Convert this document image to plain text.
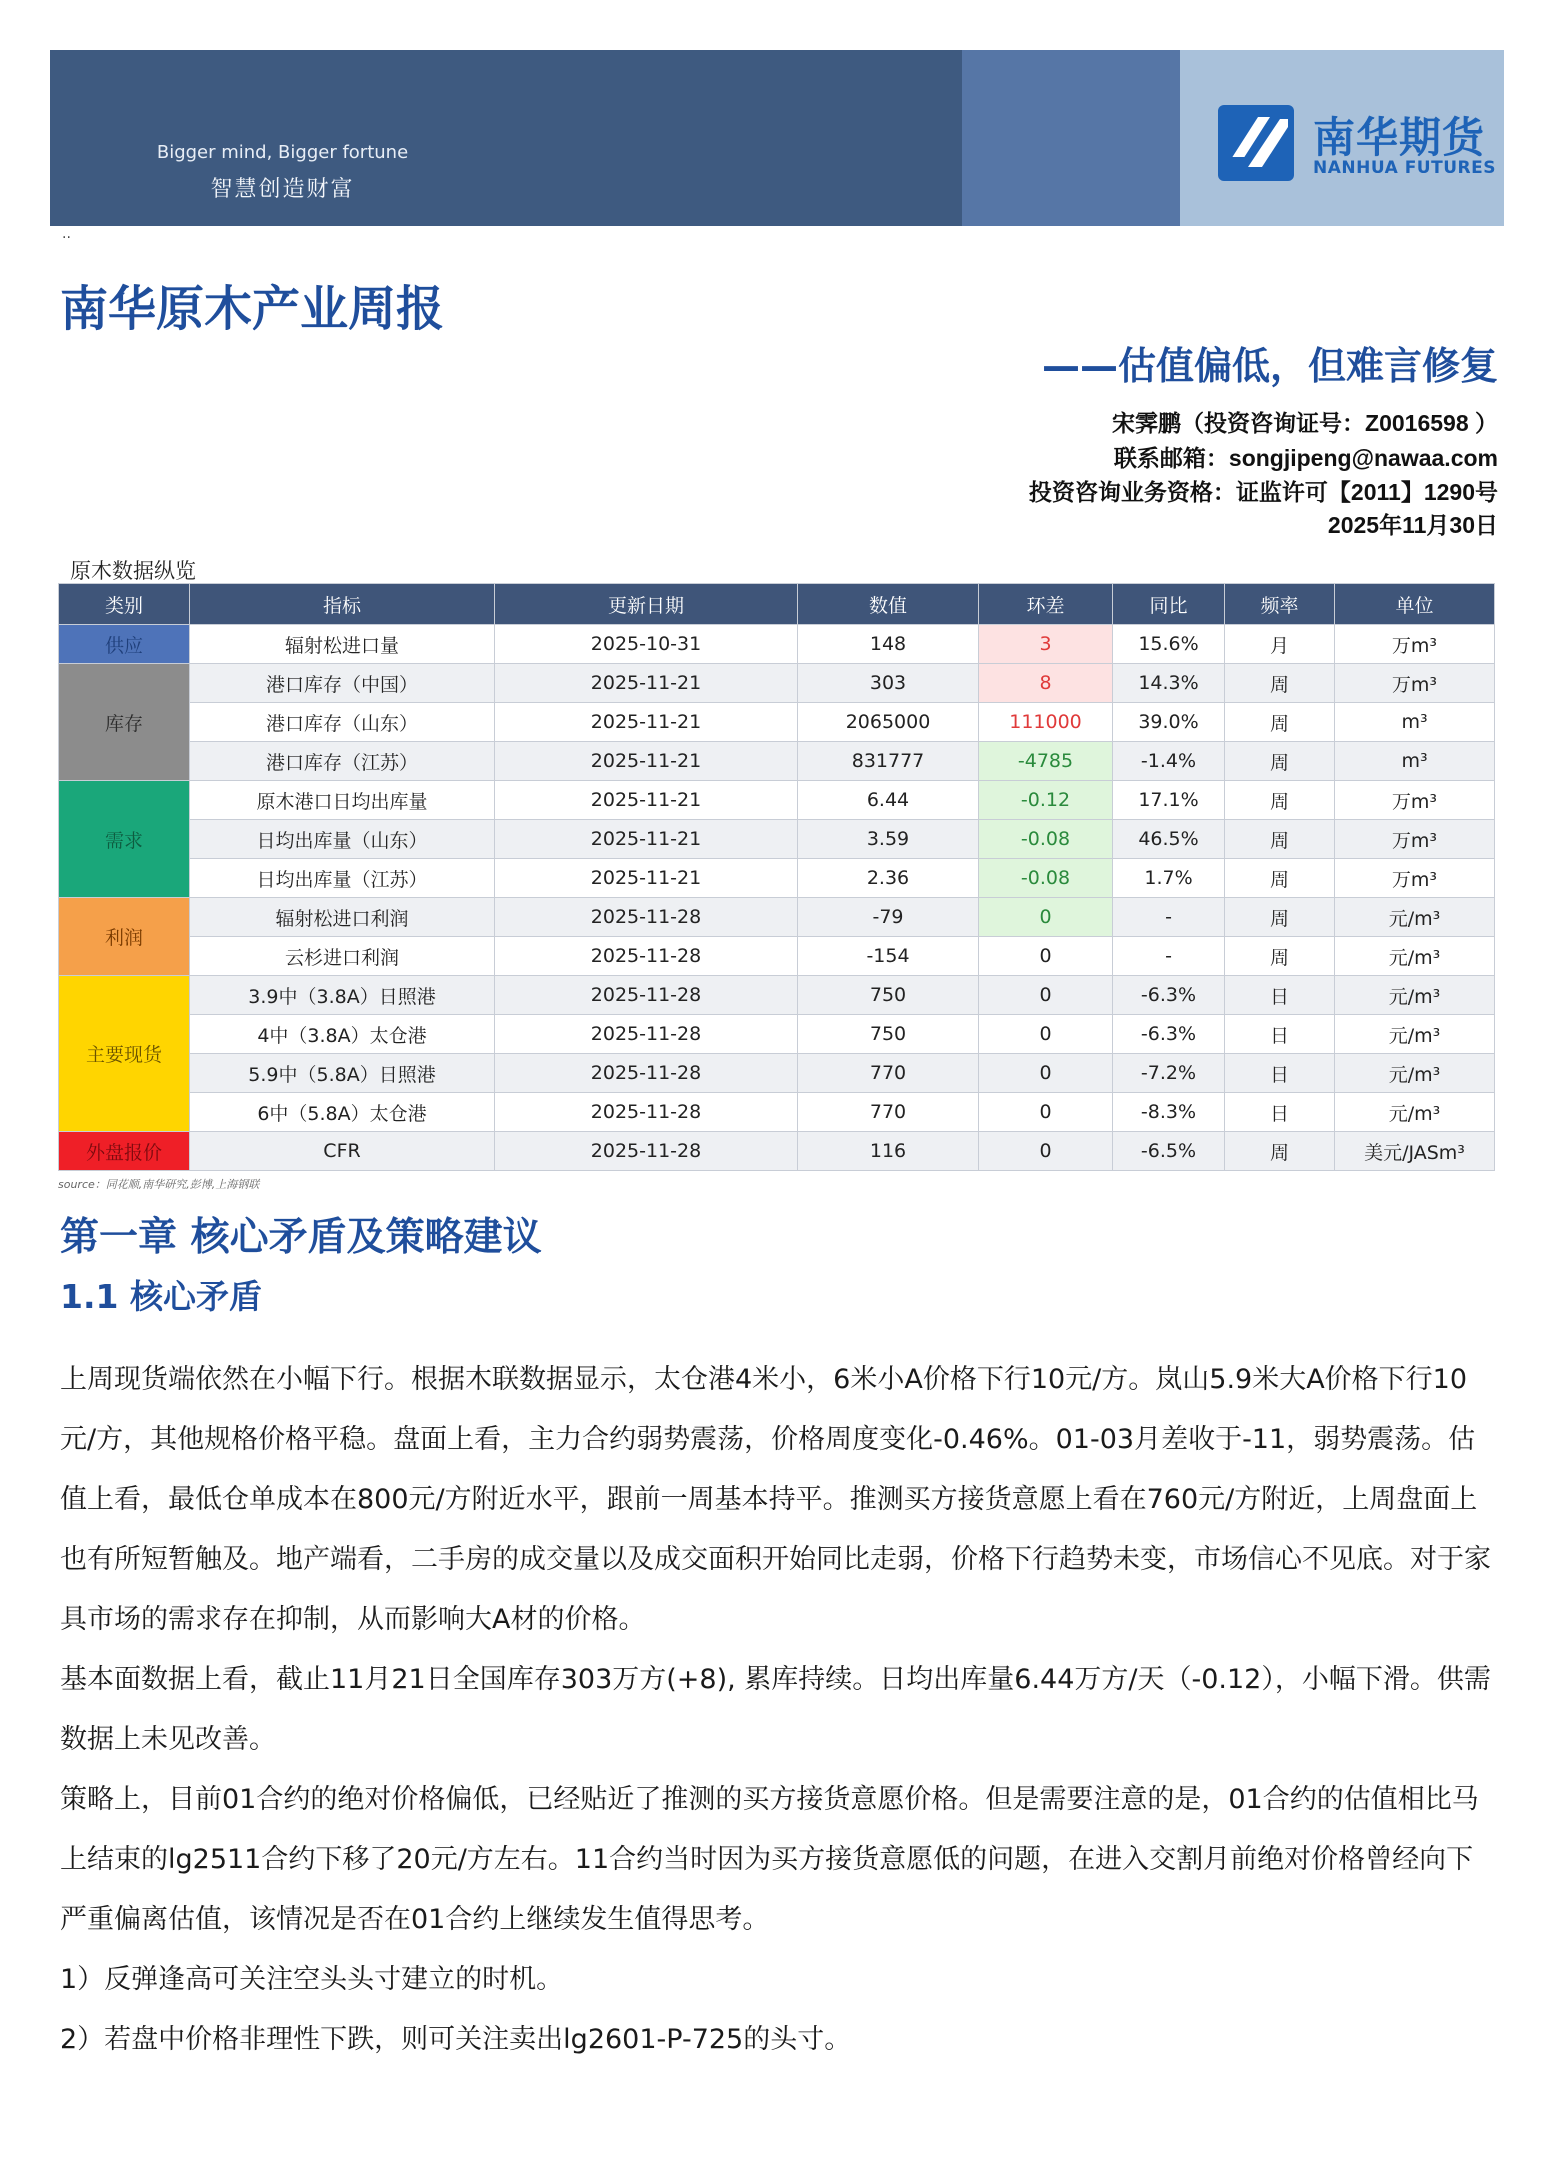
Bigger mind, Bigger fortune
智慧创造财富
南华期货
NANHUA FUTURES
..
南华原木产业周报
——估值偏低，但难言修复
宋霁鹏（投资咨询证号：Z0016598 ）
联系邮箱：songjipeng@nawaa.com
投资咨询业务资格：证监许可【2011】1290号
2025年11月30日
原木数据纵览
类别	指标	更新日期	数值	环差	同比	频率	单位
供应	辐射松进口量	2025-10-31	148	3	15.6%	月	万m³
库存	港口库存（中国）	2025-11-21	303	8	14.3%	周	万m³
	港口库存（山东）	2025-11-21	2065000	111000	39.0%	周	m³
	港口库存（江苏）	2025-11-21	831777	-4785	-1.4%	周	m³
需求	原木港口日均出库量	2025-11-21	6.44	-0.12	17.1%	周	万m³
	日均出库量（山东）	2025-11-21	3.59	-0.08	46.5%	周	万m³
	日均出库量（江苏）	2025-11-21	2.36	-0.08	1.7%	周	万m³
利润	辐射松进口利润	2025-11-28	-79	0	-	周	元/m³
	云杉进口利润	2025-11-28	-154	0	-	周	元/m³
主要现货	3.9中（3.8A）日照港	2025-11-28	750	0	-6.3%	日	元/m³
	4中（3.8A）太仓港	2025-11-28	750	0	-6.3%	日	元/m³
	5.9中（5.8A）日照港	2025-11-28	770	0	-7.2%	日	元/m³
	6中（5.8A）太仓港	2025-11-28	770	0	-8.3%	日	元/m³
外盘报价	CFR	2025-11-28	116	0	-6.5%	周	美元/JASm³
source：同花顺,南华研究,彭博,上海钢联
第一章 核心矛盾及策略建议
1.1 核心矛盾
上周现货端依然在小幅下行。根据木联数据显示，太仓港4米小，6米小A价格下行10元/方。岚山5.9米大A价格下行10元/方，其他规格价格平稳。盘面上看，主力合约弱势震荡，价格周度变化-0.46%。01-03月差收于-11，弱势震荡。估值上看，最低仓单成本在800元/方附近水平，跟前一周基本持平。推测买方接货意愿上看在760元/方附近，上周盘面上也有所短暂触及。地产端看，二手房的成交量以及成交面积开始同比走弱，价格下行趋势未变，市场信心不见底。对于家具市场的需求存在抑制，从而影响大A材的价格。
基本面数据上看，截止11月21日全国库存303万方(+8), 累库持续。日均出库量6.44万方/天（-0.12），小幅下滑。供需数据上未见改善。
策略上，目前01合约的绝对价格偏低，已经贴近了推测的买方接货意愿价格。但是需要注意的是，01合约的估值相比马上结束的lg2511合约下移了20元/方左右。11合约当时因为买方接货意愿低的问题，在进入交割月前绝对价格曾经向下严重偏离估值，该情况是否在01合约上继续发生值得思考。
1）反弹逢高可关注空头头寸建立的时机。
2）若盘中价格非理性下跌，则可关注卖出lg2601-P-725的头寸。
